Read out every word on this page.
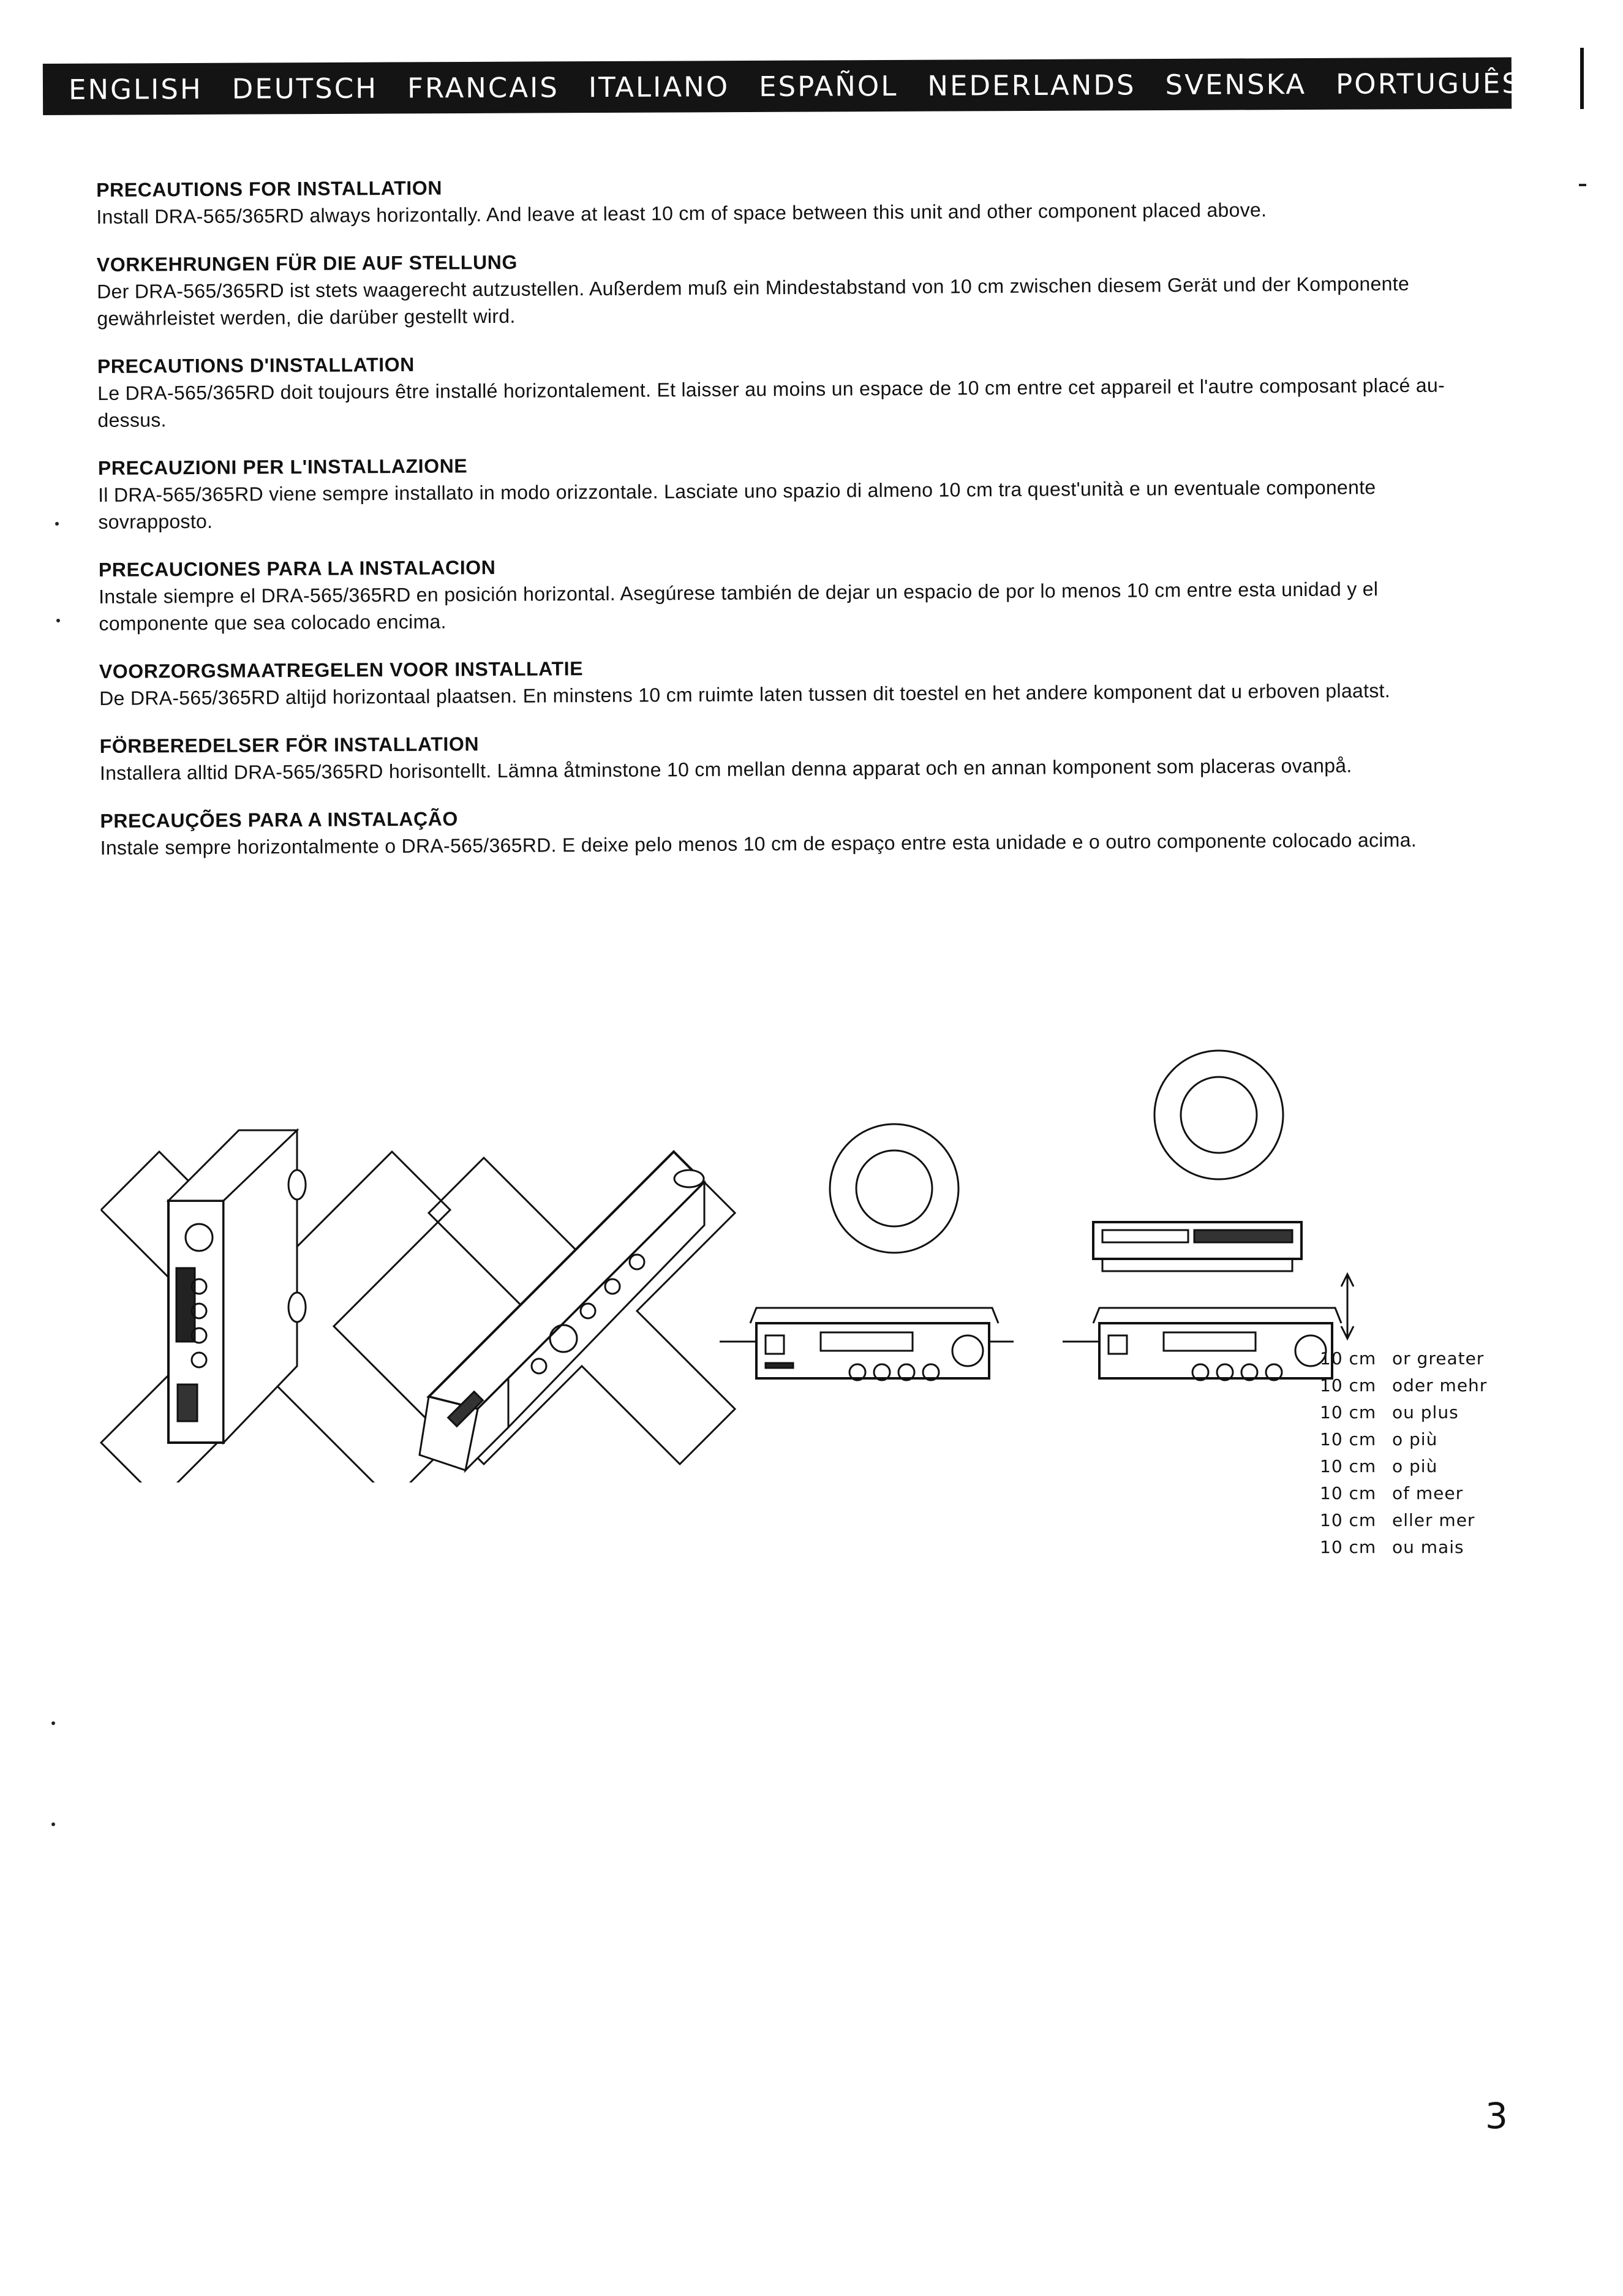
ENGLISH DEUTSCH FRANCAIS ITALIANO ESPAÑOL NEDERLANDS SVENSKA PORTUGUÊS
PRECAUTIONS FOR INSTALLATION

Install DRA-565/365RD always horizontally. And leave at least 10 cm of space between this unit and other component placed above.

VORKEHRUNGEN FÜR DIE AUF STELLUNG

Der DRA-565/365RD ist stets waagerecht autzustellen. Außerdem muß ein Mindestabstand von 10 cm zwischen diesem Gerät und der Komponente gewährleistet werden, die darüber gestellt wird.

PRECAUTIONS D'INSTALLATION

Le DRA-565/365RD doit toujours être installé horizontalement. Et laisser au moins un espace de 10 cm entre cet appareil et l'autre composant placé au-dessus.

PRECAUZIONI PER L'INSTALLAZIONE

Il DRA-565/365RD viene sempre installato in modo orizzontale. Lasciate uno spazio di almeno 10 cm tra quest'unità e un eventuale componente sovrapposto.

PRECAUCIONES PARA LA INSTALACION

Instale siempre el DRA-565/365RD en posición horizontal. Asegúrese también de dejar un espacio de por lo menos 10 cm entre esta unidad y el componente que sea colocado encima.

VOORZORGSMAATREGELEN VOOR INSTALLATIE

De DRA-565/365RD altijd horizontaal plaatsen. En minstens 10 cm ruimte laten tussen dit toestel en het andere komponent dat u erboven plaatst.

FÖRBEREDELSER FÖR INSTALLATION

Installera alltid DRA-565/365RD horisontellt. Lämna åtminstone 10 cm mellan denna apparat och en annan komponent som placeras ovanpå.

PRECAUÇÕES PARA A INSTALAÇÃO

Instale sempre horizontalmente o DRA-565/365RD. E deixe pelo menos 10 cm de espaço entre esta unidade e o outro componente colocado acima.

10 cm or greater
10 cm oder mehr
10 cm ou plus
10 cm o più
10 cm o più
10 cm of meer
10 cm eller mer
10 cm ou mais
3
